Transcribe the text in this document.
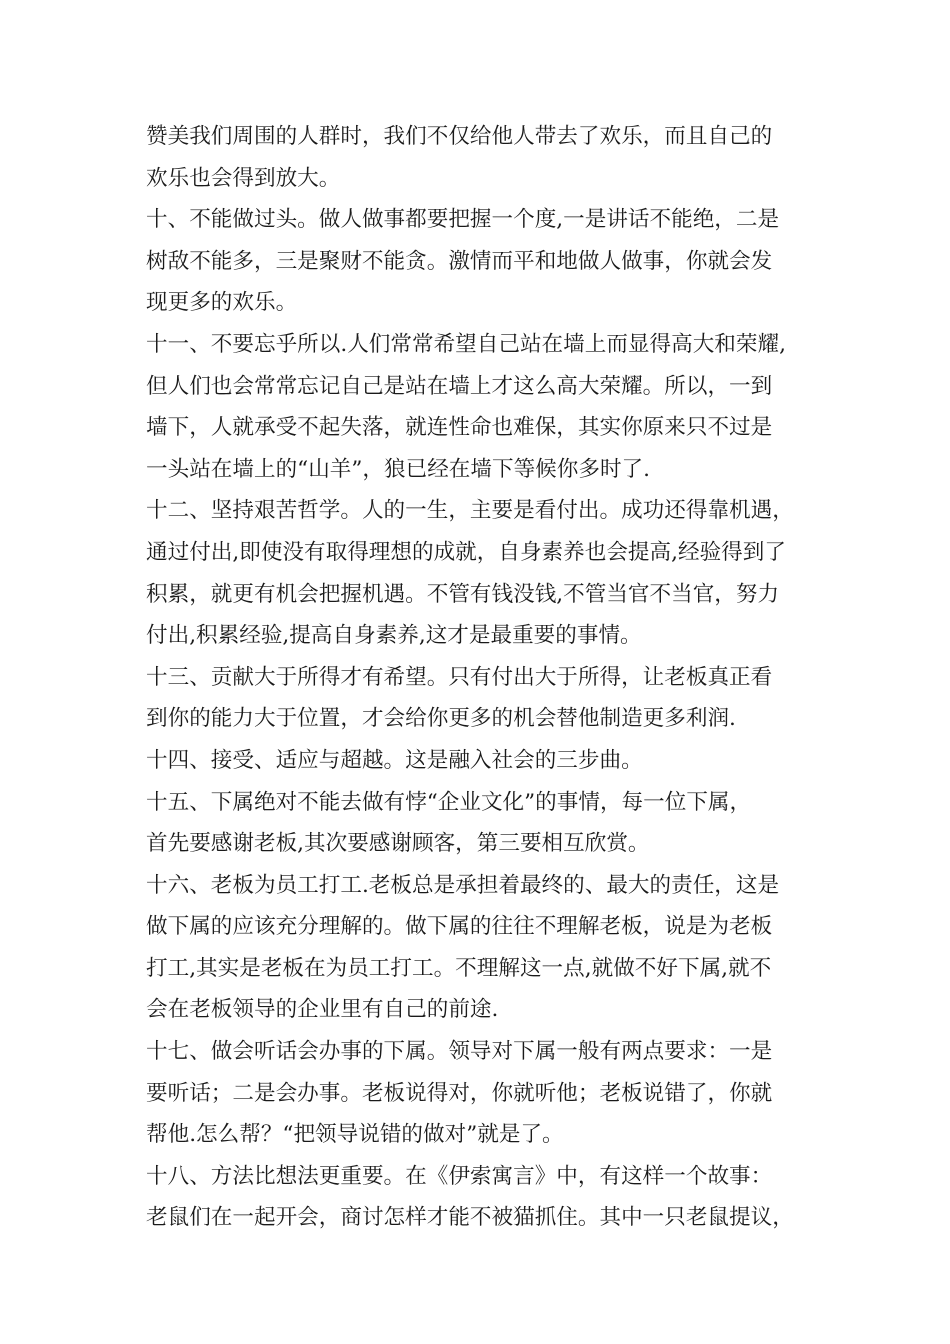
赞美我们周围的人群时，我们不仅给他人带去了欢乐，而且自己的
欢乐也会得到放大。
十、不能做过头。做人做事都要把握一个度,一是讲话不能绝，二是
树敌不能多，三是聚财不能贪。激情而平和地做人做事，你就会发
现更多的欢乐。
十一、不要忘乎所以.人们常常希望自己站在墙上而显得高大和荣耀,
但人们也会常常忘记自己是站在墙上才这么高大荣耀。所以，一到
墙下，人就承受不起失落，就连性命也难保，其实你原来只不过是
一头站在墙上的“山羊”，狼已经在墙下等候你多时了.
十二、坚持艰苦哲学。人的一生，主要是看付出。成功还得靠机遇，
通过付出,即使没有取得理想的成就，自身素养也会提高,经验得到了
积累，就更有机会把握机遇。不管有钱没钱,不管当官不当官，努力
付出,积累经验,提高自身素养,这才是最重要的事情。
十三、贡献大于所得才有希望。只有付出大于所得，让老板真正看
到你的能力大于位置，才会给你更多的机会替他制造更多利润.
十四、接受、适应与超越。这是融入社会的三步曲。
十五、下属绝对不能去做有悖“企业文化”的事情，每一位下属，
首先要感谢老板,其次要感谢顾客，第三要相互欣赏。
十六、老板为员工打工.老板总是承担着最终的、最大的责任，这是
做下属的应该充分理解的。做下属的往往不理解老板，说是为老板
打工,其实是老板在为员工打工。不理解这一点,就做不好下属,就不
会在老板领导的企业里有自己的前途.
十七、做会听话会办事的下属。领导对下属一般有两点要求：一是
要听话；二是会办事。老板说得对，你就听他；老板说错了，你就
帮他.怎么帮？“把领导说错的做对”就是了。
十八、方法比想法更重要。在《伊索寓言》中，有这样一个故事：
老鼠们在一起开会，商讨怎样才能不被猫抓住。其中一只老鼠提议，
